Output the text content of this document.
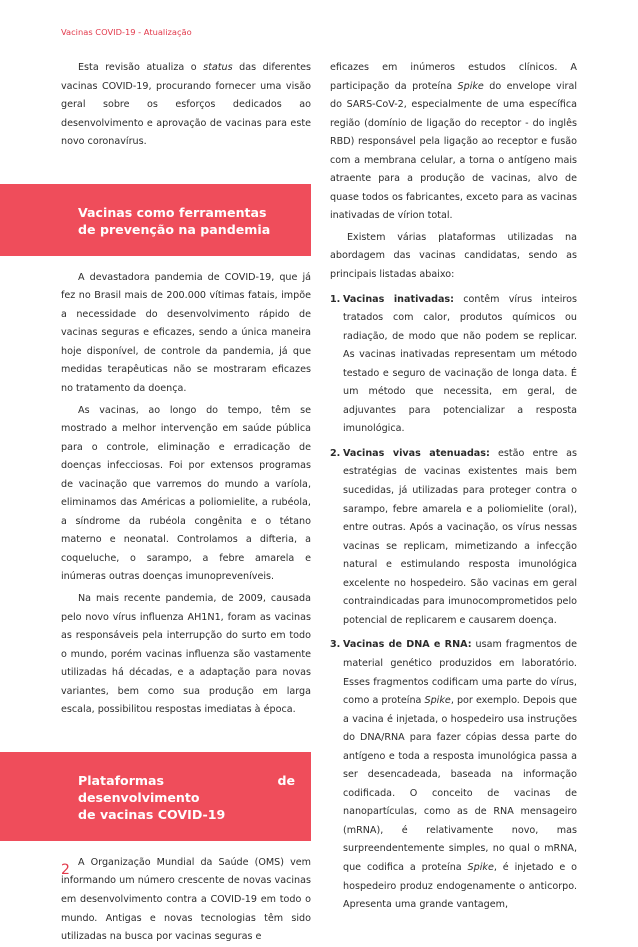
Vacinas COVID-19 - Atualização

Esta revisão atualiza o status das diferentes vacinas COVID-19, procurando fornecer uma visão geral sobre os esforços dedicados ao desenvolvimento e aprovação de vacinas para este novo coronavírus.

Vacinas como ferramentas
de prevenção na pandemia

A devastadora pandemia de COVID-19, que já fez no Brasil mais de 200.000 vítimas fatais, impõe a necessidade do desenvolvimento rápido de vacinas seguras e eficazes, sendo a única maneira hoje disponível, de controle da pandemia, já que medidas terapêuticas não se mostraram eficazes no tratamento da doença.

As vacinas, ao longo do tempo, têm se mostrado a melhor intervenção em saúde pública para o controle, eliminação e erradicação de doenças infecciosas. Foi por extensos programas de vacinação que varremos do mundo a varíola, eliminamos das Américas a poliomielite, a rubéola, a síndrome da rubéola congênita e o tétano materno e neonatal. Controlamos a difteria, a coqueluche, o sarampo, a febre amarela e inúmeras outras doenças imunopreveníveis.

Na mais recente pandemia, de 2009, causada pelo novo vírus influenza AH1N1, foram as vacinas as responsáveis pela interrupção do surto em todo o mundo, porém vacinas influenza são vastamente utilizadas há décadas, e a adaptação para novas variantes, bem como sua produção em larga escala, possibilitou respostas imediatas à época.

Plataformas de desenvolvimento
de vacinas COVID-19

A Organização Mundial da Saúde (OMS) vem informando um número crescente de novas vacinas em desenvolvimento contra a COVID-19 em todo o mundo. Antigas e novas tecnologias têm sido utilizadas na busca por vacinas seguras e

eficazes em inúmeros estudos clínicos. A participação da proteína Spike do envelope viral do SARS-CoV-2, especialmente de uma específica região (domínio de ligação do receptor - do inglês RBD) responsável pela ligação ao receptor e fusão com a membrana celular, a torna o antígeno mais atraente para a produção de vacinas, alvo de quase todos os fabricantes, exceto para as vacinas inativadas de vírion total.

Existem várias plataformas utilizadas na abordagem das vacinas candidatas, sendo as principais listadas abaixo:

1. Vacinas inativadas: contêm vírus inteiros tratados com calor, produtos químicos ou radiação, de modo que não podem se replicar. As vacinas inativadas representam um método testado e seguro de vacinação de longa data. É um método que necessita, em geral, de adjuvantes para potencializar a resposta imunológica.
2. Vacinas vivas atenuadas: estão entre as estratégias de vacinas existentes mais bem sucedidas, já utilizadas para proteger contra o sarampo, febre amarela e a poliomielite (oral), entre outras. Após a vacinação, os vírus nessas vacinas se replicam, mimetizando a infecção natural e estimulando resposta imunológica excelente no hospedeiro. São vacinas em geral contraindicadas para imunocomprometidos pelo potencial de replicarem e causarem doença.
3. Vacinas de DNA e RNA: usam fragmentos de material genético produzidos em laboratório. Esses fragmentos codificam uma parte do vírus, como a proteína Spike, por exemplo. Depois que a vacina é injetada, o hospedeiro usa instruções do DNA/RNA para fazer cópias dessa parte do antígeno e toda a resposta imunológica passa a ser desencadeada, baseada na informação codificada. O conceito de vacinas de nanopartículas, como as de RNA mensageiro (mRNA), é relativamente novo, mas surpreendentemente simples, no qual o mRNA, que codifica a proteína Spike, é injetado e o hospedeiro produz endogenamente o anticorpo. Apresenta uma grande vantagem,
2
